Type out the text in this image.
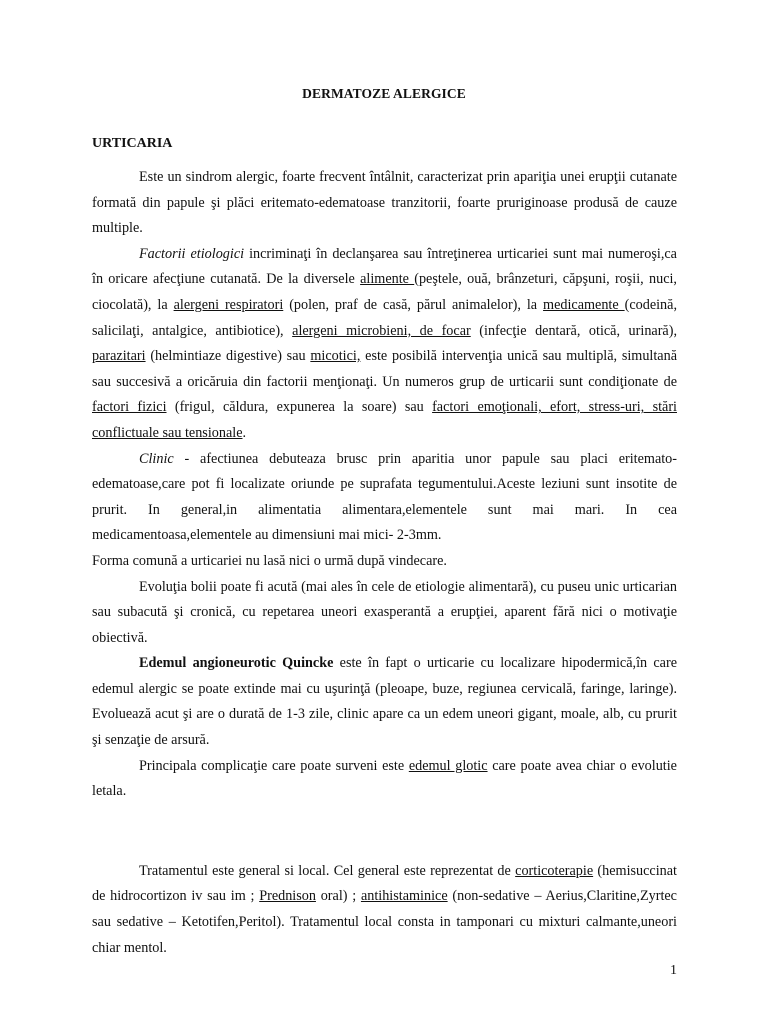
DERMATOZE ALERGICE
URTICARIA

Este un sindrom alergic, foarte frecvent întâlnit, caracterizat prin apariţia unei erupţii cutanate formată din papule şi plăci eritemato-edematoase tranzitorii, foarte pruriginoase produsă de cauze multiple.

Factorii etiologici incriminaţi în declanşarea sau întreţinerea urticariei sunt mai numeroşi,ca în oricare afecţiune cutanată. De la diversele alimente (peştele, ouă, brânzeturi, căpşuni, roşii, nuci, ciocolată), la alergeni respiratori (polen, praf de casă, părul animalelor), la medicamente (codeină, salicilaţi, antalgice, antibiotice), alergeni microbieni, de focar (infecţie dentară, otică, urinară), parazitari (helmintiaze digestive) sau micotici, este posibilă intervenţia unică sau multiplă, simultană sau succesivă a oricăruia din factorii menţionaţi. Un numeros grup de urticarii sunt condiţionate de factori fizici (frigul, căldura, expunerea la soare) sau factori emoţionali, efort, stress-uri, stări conflictuale sau tensionale.

Clinic - afectiunea debuteaza brusc prin aparitia unor papule sau placi eritemato-edematoase,care pot fi localizate oriunde pe suprafata tegumentului.Aceste leziuni sunt insotite de prurit. In general,in alimentatia alimentara,elementele sunt mai mari. In cea medicamentoasa,elementele au dimensiuni mai mici- 2-3mm.

Forma comună a urticariei nu lasă nici o urmă după vindecare.

Evoluţia bolii poate fi acută (mai ales în cele de etiologie alimentară), cu puseu unic urticarian sau subacută şi cronică, cu repetarea uneori exasperantă a erupţiei, aparent fără nici o motivaţie obiectivă.

Edemul angioneurotic Quincke este în fapt o urticarie cu localizare hipodermică,în care edemul alergic se poate extinde mai cu uşurinţă (pleoape, buze, regiunea cervicală, faringe, laringe). Evoluează acut şi are o durată de 1-3 zile, clinic apare ca un edem uneori gigant, moale, alb, cu prurit şi senzaţie de arsură.

Principala complicaţie care poate surveni este edemul glotic care poate avea chiar o evolutie letala.

Tratamentul este general si local. Cel general este reprezentat de corticoterapie (hemisuccinat de hidrocortizon iv sau im ; Prednison oral) ; antihistaminice (non-sedative – Aerius,Claritine,Zyrtec sau sedative – Ketotifen,Peritol). Tratamentul local consta in tamponari cu mixturi calmante,uneori chiar mentol.

1
